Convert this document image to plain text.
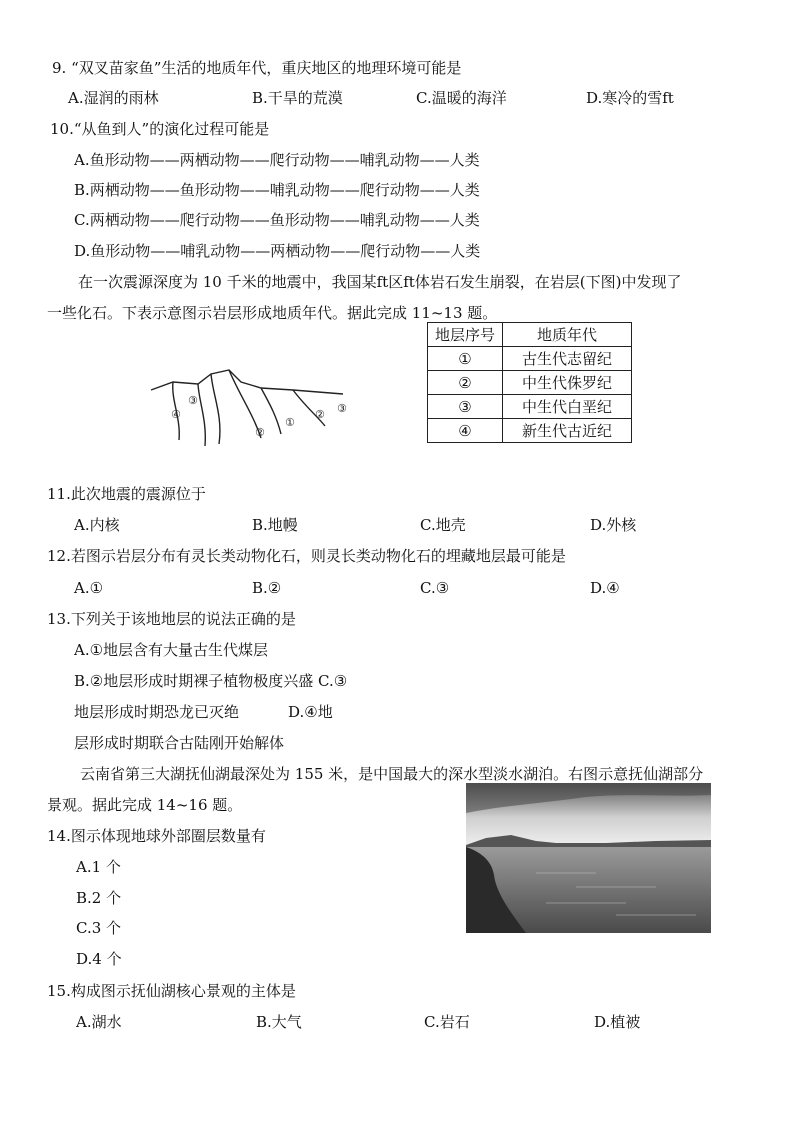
9. “双叉苗家鱼”生活的地质年代，重庆地区的地理环境可能是
A.湿润的雨林	B.干旱的荒漠	C.温暖的海洋	D.寒冷的雪ft
10.“从鱼到人”的演化过程可能是
A.鱼形动物——两栖动物——爬行动物——哺乳动物——人类
B.两栖动物——鱼形动物——哺乳动物——爬行动物——人类
C.两栖动物——爬行动物——鱼形动物——哺乳动物——人类
D.鱼形动物——哺乳动物——两栖动物——爬行动物——人类
在一次震源深度为 10 千米的地震中，我国某ft区ft体岩石发生崩裂，在岩层(下图)中发现了
一些化石。下表示意图示岩层形成地质年代。据此完成 11~13 题。
地层序号	地质年代
①	古生代志留纪
②	中生代侏罗纪
③	中生代白垩纪
④	新生代古近纪
④
③
②
①
② ③
11.此次地震的震源位于
A.内核	B.地幔	C.地壳	D.外核
12.若图示岩层分布有灵长类动物化石，则灵长类动物化石的埋藏地层最可能是
A.①	B.②	C.③	D.④
13.下列关于该地地层的说法正确的是
A.①地层含有大量古生代煤层
B.②地层形成时期裸子植物极度兴盛 C.③
地层形成时期恐龙已灭绝	D.④地
层形成时期联合古陆刚开始解体
云南省第三大湖抚仙湖最深处为 155 米，是中国最大的深水型淡水湖泊。右图示意抚仙湖部分
景观。据此完成 14~16 题。
14.图示体现地球外部圈层数量有
A.1 个
B.2 个
C.3 个
D.4 个
15.构成图示抚仙湖核心景观的主体是
A.湖水	B.大气	C.岩石	D.植被
